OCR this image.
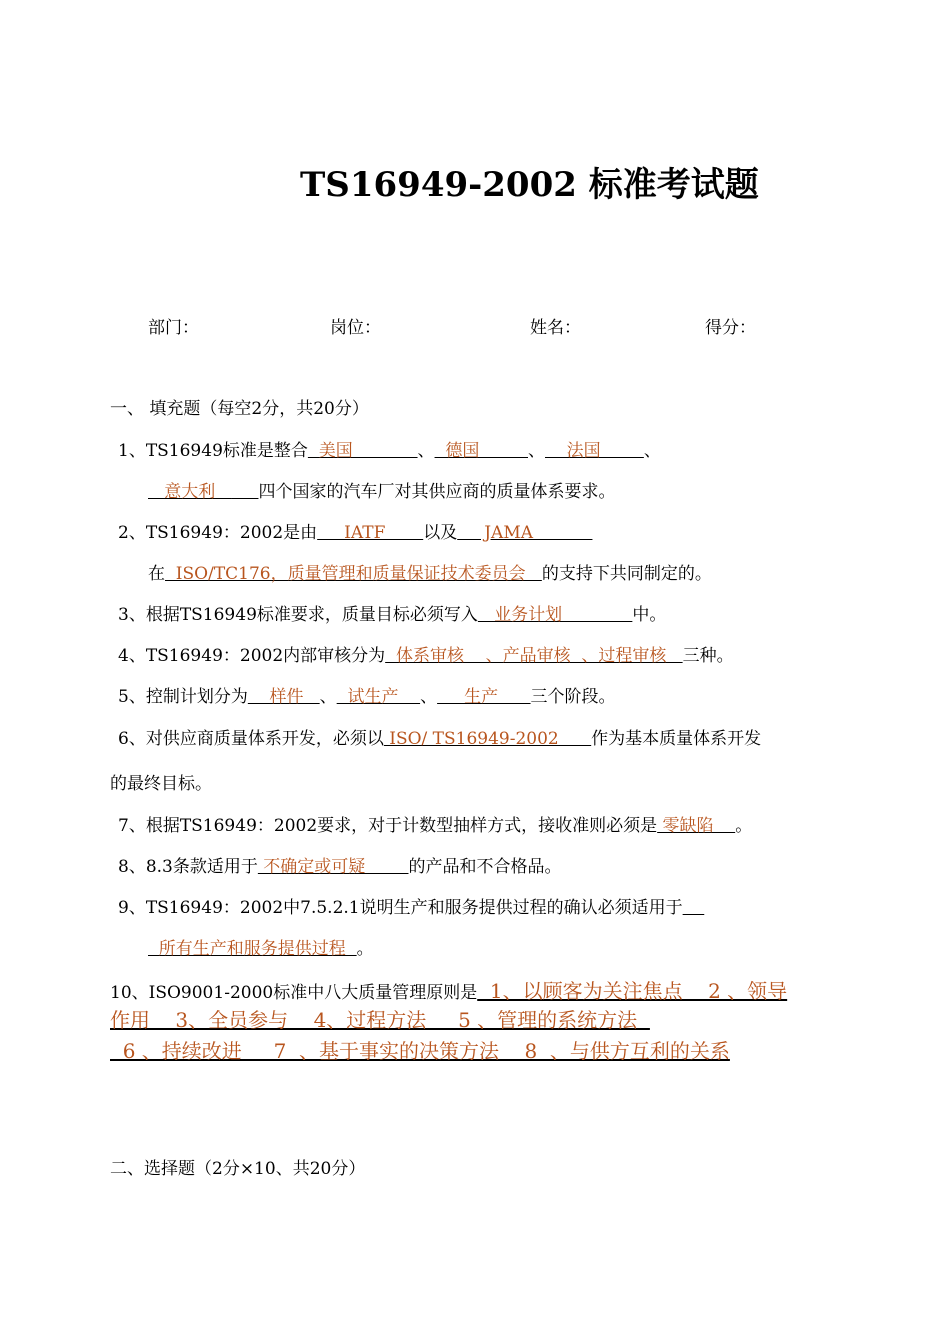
TS16949-2002 标准考试题
部门：	岗位：	姓名：	得分：
一、 填充题（每空2分，共20分）
1、TS16949标准是整合  美国            、  德国         、    法国        、
意大利        四个国家的汽车厂对其供应商的质量体系要求。
2、TS16949：2002是由     IATF       以及     JAMA
在  ISO/TC176，质量管理和质量保证技术委员会   的支持下共同制定的。
3、根据TS16949标准要求，质量目标必须写入   业务计划             中。
4、TS16949：2002内部审核分为  体系审核    、产品审核  、过程审核   三种。
5、控制计划分为    样件   、  试生产    、     生产      三个阶段。
6、对供应商质量体系开发，必须以 ISO/ TS16949-2002      作为基本质量体系开发
的最终目标。
7、根据TS16949：2002要求，对于计数型抽样方式，接收准则必须是 零缺陷    。
8、8.3条款适用于 不确定或可疑        的产品和不合格品。
9、TS16949：2002中7.5.2.1说明生产和服务提供过程的确认必须适用于
所有生产和服务提供过程  。
10、ISO9001-2000标准中八大质量管理原则是  1、以顾客为关注焦点    2 、领导
作用    3、全员参与    4、过程方法     5 、管理的系统方法
6 、持续改进     7  、基于事实的决策方法    8  、与供方互利的关系
二、选择题（2分×10、共20分）
